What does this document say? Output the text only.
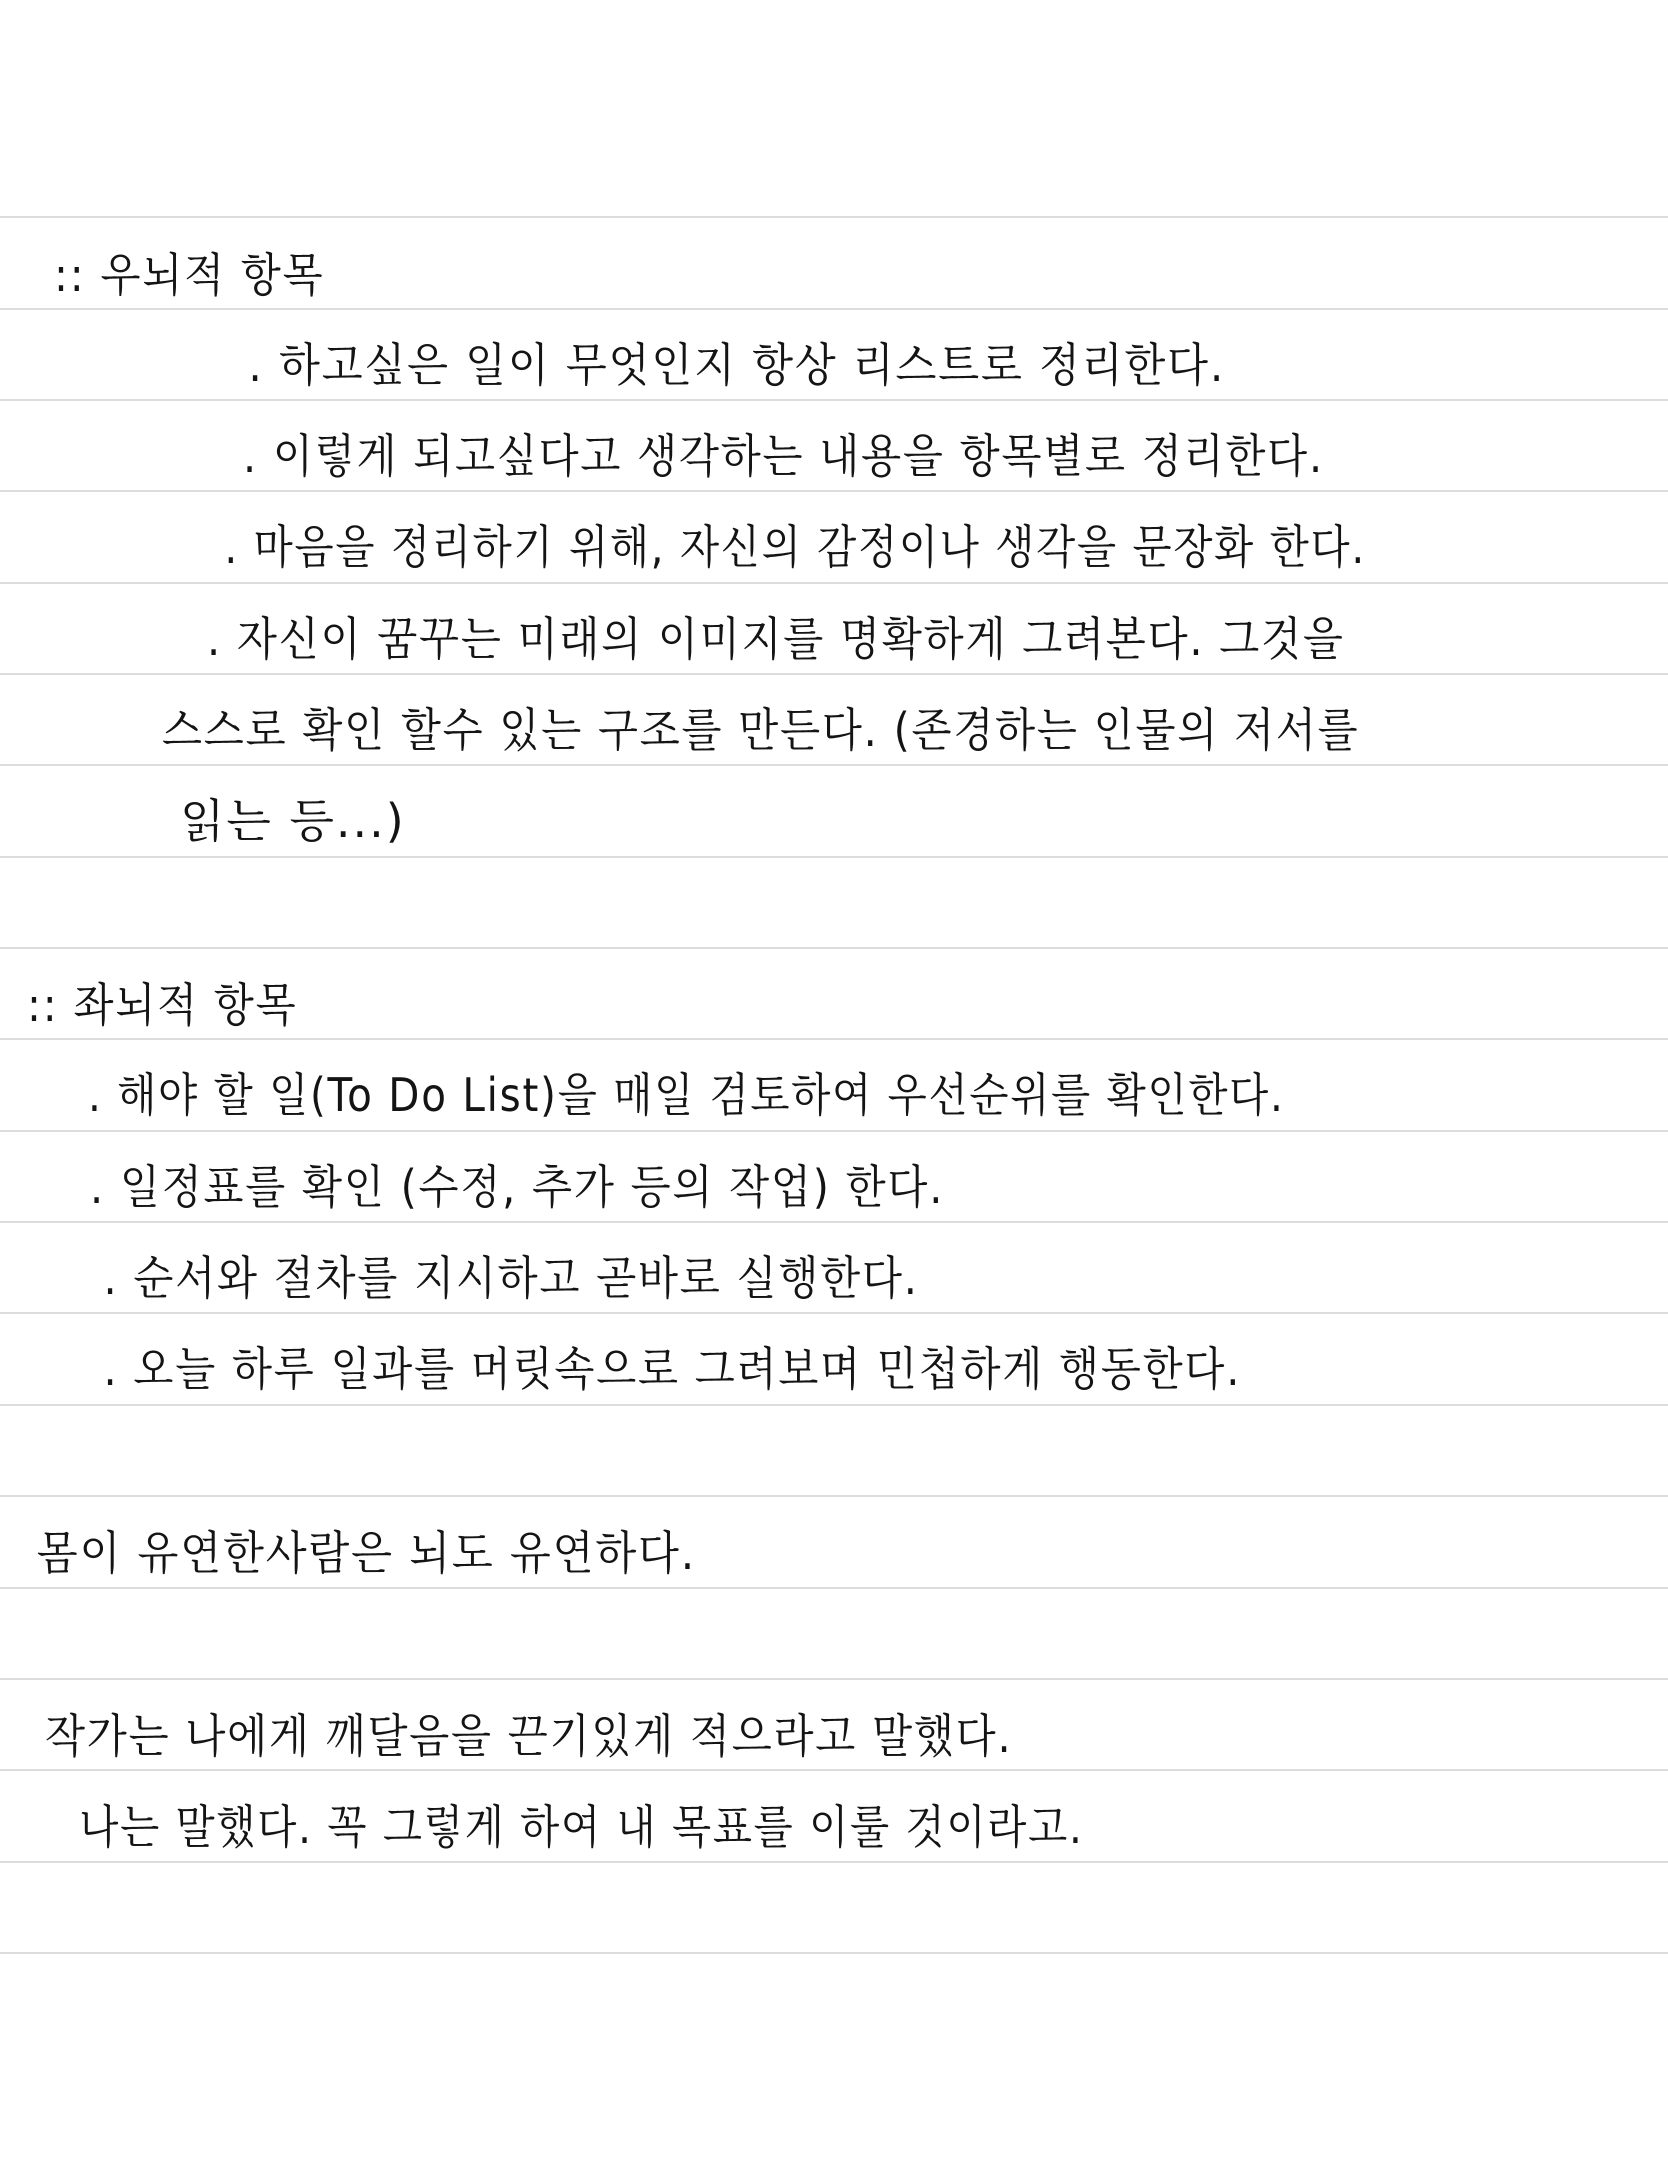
:: 우뇌적 항목
. 하고싶은 일이 무엇인지 항상 리스트로 정리한다.
. 이렇게 되고싶다고 생각하는 내용을 항목별로 정리한다.
. 마음을 정리하기 위해, 자신의 감정이나 생각을 문장화 한다.
. 자신이 꿈꾸는 미래의 이미지를 명확하게 그려본다. 그것을
스스로 확인 할수 있는 구조를 만든다. (존경하는 인물의 저서를
읽는 등...)
:: 좌뇌적 항목
. 해야 할 일(To Do List)을 매일 검토하여 우선순위를 확인한다.
. 일정표를 확인 (수정, 추가 등의 작업) 한다.
. 순서와 절차를 지시하고 곧바로 실행한다.
. 오늘 하루 일과를 머릿속으로 그려보며 민첩하게 행동한다.
몸이 유연한사람은 뇌도 유연하다.
작가는 나에게 깨달음을 끈기있게 적으라고 말했다.
나는 말했다. 꼭 그렇게 하여 내 목표를 이룰 것이라고.
